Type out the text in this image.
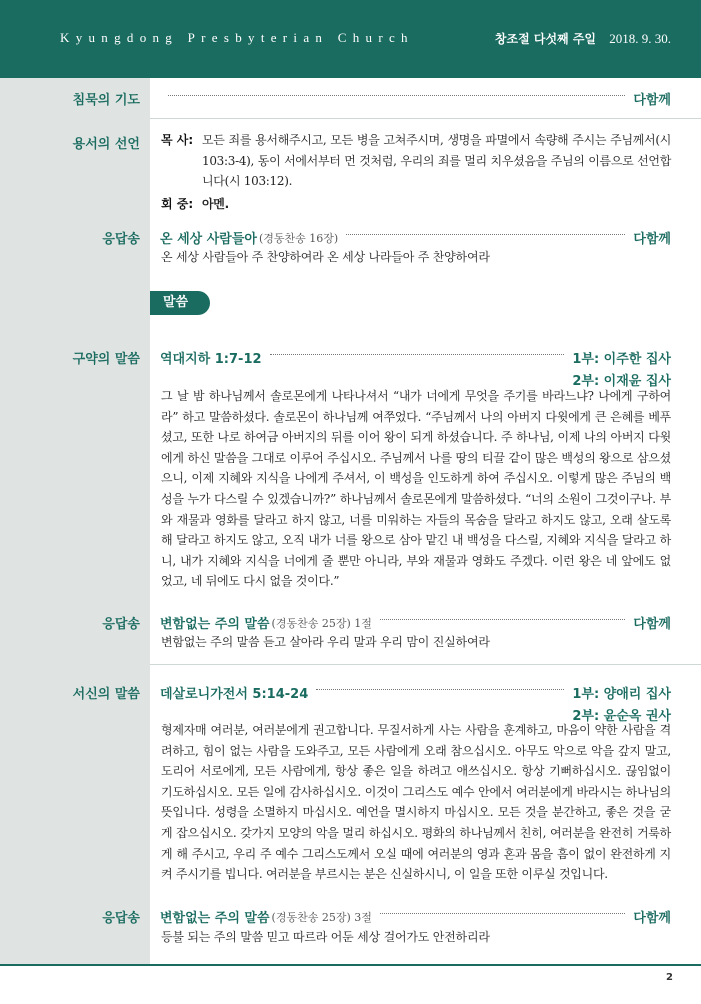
Kyungdong Presbyterian Church	창조절 다섯째 주일 2018. 9. 30.
침묵의 기도	다함께
용서의 선언 목 사: 모든 죄를 용서해주시고, 모든 병을 고쳐주시며, 생명을 파멸에서 속량해 주시는 주님께서(시 103:3-4), 동이 서에서부터 먼 것처럼, 우리의 죄를 멀리 치우셨음을 주님의 이름으로 선언합니다(시 103:12).
회 중: 아멘.
응답송 온 세상 사람들아 (경동찬송 16장)	다함께
온 세상 사람들아 주 찬양하여라 온 세상 나라들아 주 찬양하여라
말씀
구약의 말씀 역대지하 1:7-12	1부: 이주한 집사
2부: 이재윤 집사

그 날 밤 하나님께서 솔로몬에게 나타나셔서 “내가 너에게 무엇을 주기를 바라느냐? 나에게 구하여라” 하고 말씀하셨다. 솔로몬이 하나님께 여쭈었다. “주님께서 나의 아버지 다윗에게 큰 은혜를 베푸셨고, 또한 나로 하여금 아버지의 뒤를 이어 왕이 되게 하셨습니다. 주 하나님, 이제 나의 아버지 다윗에게 하신 말씀을 그대로 이루어 주십시오. 주님께서 나를 땅의 티끌 같이 많은 백성의 왕으로 삼으셨으니, 이제 지혜와 지식을 나에게 주셔서, 이 백성을 인도하게 하여 주십시오. 이렇게 많은 주님의 백성을 누가 다스릴 수 있겠습니까?” 하나님께서 솔로몬에게 말씀하셨다. “너의 소원이 그것이구나. 부와 재물과 영화를 달라고 하지 않고, 너를 미워하는 자들의 목숨을 달라고 하지도 않고, 오래 살도록 해 달라고 하지도 않고, 오직 내가 너를 왕으로 삼아 맡긴 내 백성을 다스릴, 지혜와 지식을 달라고 하니, 내가 지혜와 지식을 너에게 줄 뿐만 아니라, 부와 재물과 영화도 주겠다. 이런 왕은 네 앞에도 없었고, 네 뒤에도 다시 없을 것이다.”

응답송 변함없는 주의 말씀 (경동찬송 25장) 1절	다함께
변함없는 주의 말씀 듣고 살아라 우리 말과 우리 맘이 진실하여라
서신의 말씀 데살로니가전서 5:14-24	1부: 양애리 집사
2부: 윤순옥 권사

형제자매 여러분, 여러분에게 권고합니다. 무질서하게 사는 사람을 훈계하고, 마음이 약한 사람을 격려하고, 힘이 없는 사람을 도와주고, 모든 사람에게 오래 참으십시오. 아무도 악으로 악을 갚지 말고, 도리어 서로에게, 모든 사람에게, 항상 좋은 일을 하려고 애쓰십시오. 항상 기뻐하십시오. 끊임없이 기도하십시오. 모든 일에 감사하십시오. 이것이 그리스도 예수 안에서 여러분에게 바라시는 하나님의 뜻입니다. 성령을 소멸하지 마십시오. 예언을 멸시하지 마십시오. 모든 것을 분간하고, 좋은 것을 굳게 잡으십시오. 갖가지 모양의 악을 멀리 하십시오. 평화의 하나님께서 친히, 여러분을 완전히 거룩하게 해 주시고, 우리 주 예수 그리스도께서 오실 때에 여러분의 영과 혼과 몸을 흠이 없이 완전하게 지켜 주시기를 빕니다. 여러분을 부르시는 분은 신실하시니, 이 일을 또한 이루실 것입니다.

응답송 변함없는 주의 말씀 (경동찬송 25장) 3절	다함께
등불 되는 주의 말씀 믿고 따르라 어둔 세상 걸어가도 안전하리라
2
